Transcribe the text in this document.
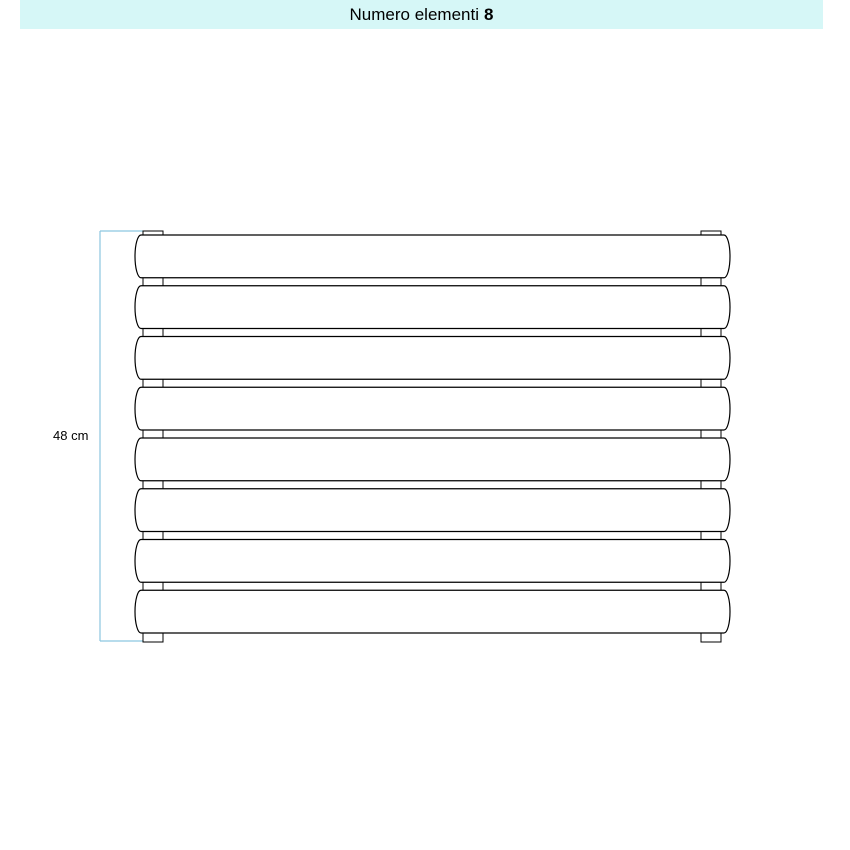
Numero elementi 8
48 cm
